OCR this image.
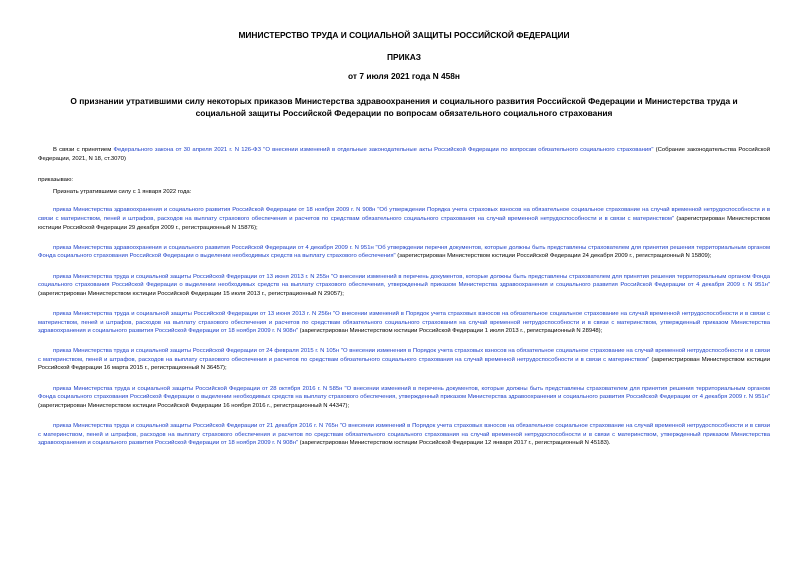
МИНИСТЕРСТВО ТРУДА И СОЦИАЛЬНОЙ ЗАЩИТЫ РОССИЙСКОЙ ФЕДЕРАЦИИ
ПРИКАЗ
от 7 июля 2021 года N 458н
О признании утратившими силу некоторых приказов Министерства здравоохранения и социального развития Российской Федерации и Министерства труда и социальной защиты Российской Федерации по вопросам обязательного социального страхования

В связи с принятием Федерального закона от 30 апреля 2021 г. N 126-ФЗ "О внесении изменений в отдельные законодательные акты Российской Федерации по вопросам обязательного социального страхования" (Собрание законодательства Российской Федерации, 2021, N 18, ст.3070)

приказываю:

Признать утратившими силу с 1 января 2022 года:

приказ Министерства здравоохранения и социального развития Российской Федерации от 18 ноября 2009 г. N 908н "Об утверждении Порядка учета страховых взносов на обязательное социальное страхование на случай временной нетрудоспособности и в связи с материнством, пеней и штрафов, расходов на выплату страхового обеспечения и расчетов по средствам обязательного социального страхования на случай временной нетрудоспособности и в связи с материнством" (зарегистрирован Министерством юстиции Российской Федерации 29 декабря 2009 г., регистрационный N 15876);

приказ Министерства здравоохранения и социального развития Российской Федерации от 4 декабря 2009 г. N 951н "Об утверждении перечня документов, которые должны быть представлены страхователем для принятия решения территориальным органом Фонда социального страхования Российской Федерации о выделении необходимых средств на выплату страхового обеспечения" (зарегистрирован Министерством юстиции Российской Федерации 24 декабря 2009 г., регистрационный N 15809);

приказ Министерства труда и социальной защиты Российской Федерации от 13 июня 2013 г. N 255н "О внесении изменений в перечень документов, которые должны быть представлены страхователем для принятия решения территориальным органом Фонда социального страхования Российской Федерации о выделении необходимых средств на выплату страхового обеспечения, утвержденный приказом Министерства здравоохранения и социального развития Российской Федерации от 4 декабря 2009 г. N 951н" (зарегистрирован Министерством юстиции Российской Федерации 15 июля 2013 г., регистрационный N 29057);

приказ Министерства труда и социальной защиты Российской Федерации от 13 июня 2013 г. N 256н "О внесении изменений в Порядок учета страховых взносов на обязательное социальное страхование на случай временной нетрудоспособности и в связи с материнством, пеней и штрафов, расходов на выплату страхового обеспечения и расчетов по средствам обязательного социального страхования на случай временной нетрудоспособности и в связи с материнством, утвержденный приказом Министерства здравоохранения и социального развития Российской Федерации от 18 ноября 2009 г. N 908н" (зарегистрирован Министерством юстиции Российской Федерации 1 июля 2013 г., регистрационный N 28948);

приказ Министерства труда и социальной защиты Российской Федерации от 24 февраля 2015 г. N 105н "О внесении изменения в Порядок учета страховых взносов на обязательное социальное страхование на случай временной нетрудоспособности и в связи с материнством, пеней и штрафов, расходов на выплату страхового обеспечения и расчетов по средствам обязательного социального страхования на случай временной нетрудоспособности и в связи с материнством" (зарегистрирован Министерством юстиции Российской Федерации 16 марта 2015 г., регистрационный N 36457);

приказ Министерства труда и социальной защиты Российской Федерации от 28 октября 2016 г. N 585н "О внесении изменений в перечень документов, которые должны быть представлены страхователем для принятия решения территориальным органом Фонда социального страхования Российской Федерации о выделении необходимых средств на выплату страхового обеспечения, утвержденный приказом Министерства здравоохранения и социального развития Российской Федерации от 4 декабря 2009 г. N 951н" (зарегистрирован Министерством юстиции Российской Федерации 16 ноября 2016 г., регистрационный N 44347);

приказ Министерства труда и социальной защиты Российской Федерации от 21 декабря 2016 г. N 765н "О внесении изменений в Порядок учета страховых взносов на обязательное социальное страхование на случай временной нетрудоспособности и в связи с материнством, пеней и штрафов, расходов на выплату страхового обеспечения и расчетов по средствам обязательного социального страхования на случай временной нетрудоспособности и в связи с материнством, утвержденный приказом Министерства здравоохранения и социального развития Российской Федерации от 18 ноября 2009 г. N 908н" (зарегистрирован Министерством юстиции Российской Федерации 12 января 2017 г., регистрационный N 45183).
